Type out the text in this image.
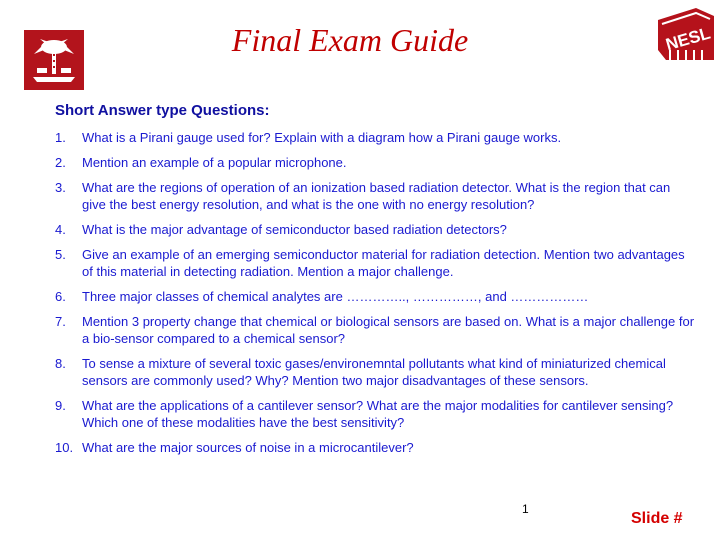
NESL
Final Exam Guide
Short Answer type Questions:
1.	What is a Pirani gauge used for? Explain with a diagram how a Pirani gauge works.
2.	Mention an example of a popular microphone.
3.	What are the regions of operation of an ionization based radiation detector. What is the region that can give the best energy resolution, and what is the one with no energy resolution?
4.	What is the major advantage of semiconductor based radiation detectors?
5.	Give an example of an emerging semiconductor material for radiation detection. Mention two advantages of this material in detecting radiation. Mention a major challenge.
6.	Three major classes of chemical analytes are ………….., ……………, and ………………
7.	Mention 3 property change that chemical or biological sensors are based on. What is a major challenge for a bio-sensor compared to a chemical sensor?
8.	To sense a mixture of several toxic gases/environemntal pollutants what kind of miniaturized chemical sensors are commonly used? Why? Mention two major disadvantages of these sensors.
9.	What are the applications of a cantilever sensor? What are the major modalities for cantilever sensing? Which one of these modalities have the best sensitivity?
10. What are the major sources of noise in a microcantilever?
1
Slide #
